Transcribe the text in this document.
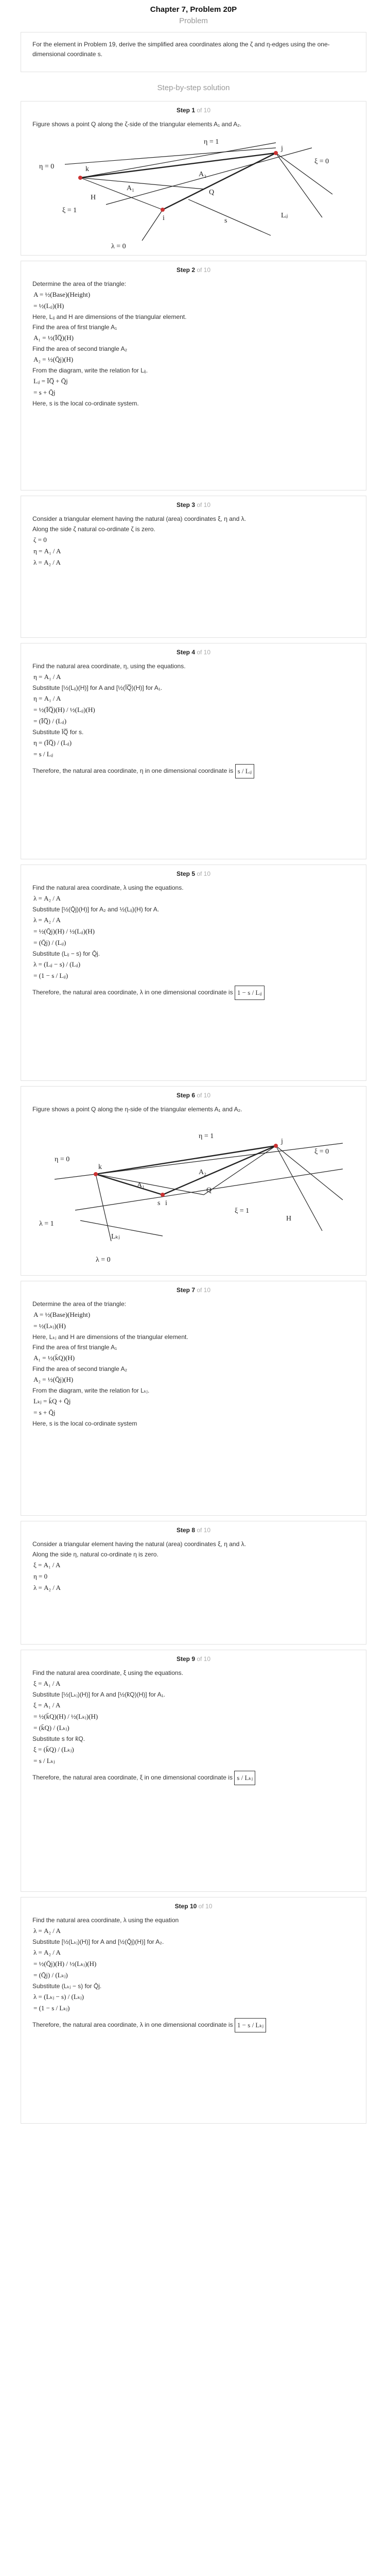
Chapter 7, Problem 20P
Problem
For the element in Problem 19, derive the simplified area coordinates along the ζ and η-edges using the one-dimensional coordinate s.
Step-by-step solution
Step 1 of 10
Figure shows a point Q along the ζ-side of the triangular elements A₁ and A₂.
η = 1
η = 0
ξ = 0
ξ = 1
λ = 0
k
j
i
H
A₁
A₂
Q
s
Lᵢⱼ
Step 2 of 10
Determine the area of the triangle:
A = ½(Base)(Height)
= ½(Lᵢⱼ)(H)
Here, Lᵢⱼ and H are dimensions of the triangular element.
Find the area of first triangle A₁
A₁ = ½(ĪQ̅)(H)
Find the area of second triangle A₂
A₂ = ½(Q̄j)(H)
From the diagram, write the relation for Lᵢⱼ.
Lᵢⱼ = ĪQ̅ + Q̄j
= s + Q̄j
Here, s is the local co-ordinate system.
Step 3 of 10
Consider a triangular element having the natural (area) coordinates ξ, η and λ.
Along the side ζ natural co-ordinate ζ is zero.
ζ = 0
η = A₁ / A
λ = A₂ / A
Step 4 of 10
Find the natural area coordinate, η, using the equations.
η = A₁ / A
Substitute [½(Lᵢⱼ)(H)] for A and [½(ĪQ̅)(H)] for A₁.
η = A₁ / A
= ½(ĪQ̅)(H) / ½(Lᵢⱼ)(H)
= (ĪQ̅) / (Lᵢⱼ)
Substitute ĪQ̅ for s.
η = (ĪQ̅) / (Lᵢⱼ)
= s / Lᵢⱼ
Therefore, the natural area coordinate, η in one dimensional coordinate is s / Lᵢⱼ
Step 5 of 10
Find the natural area coordinate, λ using the equations.
λ = A₂ / A
Substitute [½(Q̄j)(H)] for A₂ and ½(Lᵢⱼ)(H) for A.
λ = A₂ / A
= ½(Q̄j)(H) / ½(Lᵢⱼ)(H)
= (Q̄j) / (Lᵢⱼ)
Substitute (Lᵢⱼ − s) for Q̄j.
λ = (Lᵢⱼ − s) / (Lᵢⱼ)
= (1 − s / Lᵢⱼ)
Therefore, the natural area coordinate, λ in one dimensional coordinate is 1 − s / Lᵢⱼ
Step 6 of 10
Figure shows a point Q along the η-side of the triangular elements A₁ and A₂.
η = 1
η = 0
ξ = 0
ξ = 1
λ = 1
λ = 0
k
j
i
H
A₁
A₂
Q
s
Lₖⱼ
Step 7 of 10
Determine the area of the triangle:
A = ½(Base)(Height)
= ½(Lₖⱼ)(H)
Here, Lₖⱼ and H are dimensions of the triangular element.
Find the area of first triangle A₁
A₁ = ½(k̄Q)(H)
Find the area of second triangle A₂
A₂ = ½(Q̄j)(H)
From the diagram, write the relation for Lₖⱼ.
Lₖⱼ = k̄Q + Q̄j
= s + Q̄j
Here, s is the local co-ordinate system
Step 8 of 10
Consider a triangular element having the natural (area) coordinates ξ, η and λ.
Along the side η, natural co-ordinate η is zero.
ξ = A₁ / A
η = 0
λ = A₂ / A
Step 9 of 10
Find the natural area coordinate, ξ using the equations.
ξ = A₁ / A
Substitute [½(Lₖⱼ)(H)] for A and [½(k̄Q)(H)] for A₁.
ξ = A₁ / A
= ½(k̄Q)(H) / ½(Lₖⱼ)(H)
= (k̄Q) / (Lₖⱼ)
Substitute s for k̄Q.
ξ = (k̄Q) / (Lₖⱼ)
= s / Lₖⱼ
Therefore, the natural area coordinate, ξ in one dimensional coordinate is s / Lₖⱼ
Step 10 of 10
Find the natural area coordinate, λ using the equation
λ = A₂ / A
Substitute [½(Lₖⱼ)(H)] for A and [½(Q̄j)(H)] for A₂.
λ = A₂ / A
= ½(Q̄j)(H) / ½(Lₖⱼ)(H)
= (Q̄j) / (Lₖⱼ)
Substitute (Lₖⱼ − s) for Q̄j.
λ = (Lₖⱼ − s) / (Lₖⱼ)
= (1 − s / Lₖⱼ)
Therefore, the natural area coordinate, λ in one dimensional coordinate is 1 − s / Lₖⱼ
